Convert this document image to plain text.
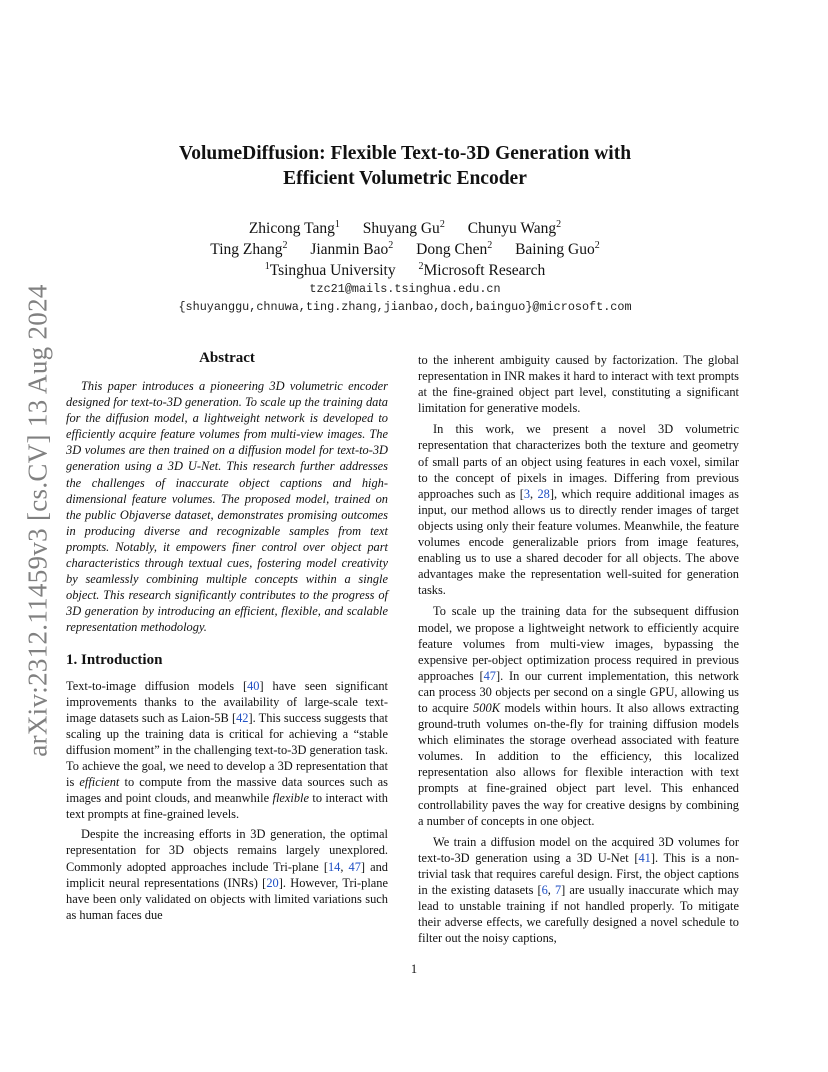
arXiv:2312.11459v3 [cs.CV] 13 Aug 2024
VolumeDiffusion: Flexible Text-to-3D Generation with
Efficient Volumetric Encoder
Zhicong Tang$^1$ Shuyang Gu$^2$ Chunyu Wang$^2$
Ting Zhang$^2$ Jianmin Bao$^2$ Dong Chen$^2$ Baining Guo$^2$
$^1$Tsinghua University $^2$Microsoft Research
tzc21@mails.tsinghua.edu.cn
{shuyanggu,chnuwa,ting.zhang,jianbao,doch,bainguo}@microsoft.com
Abstract

This paper introduces a pioneering 3D volumetric encoder designed for text-to-3D generation. To scale up the training data for the diffusion model, a lightweight network is developed to efficiently acquire feature volumes from multi-view images. The 3D volumes are then trained on a diffusion model for text-to-3D generation using a 3D U-Net. This research further addresses the challenges of inaccurate object captions and high-dimensional feature volumes. The proposed model, trained on the public Objaverse dataset, demonstrates promising outcomes in producing diverse and recognizable samples from text prompts. Notably, it empowers finer control over object part characteristics through textual cues, fostering model creativity by seamlessly combining multiple concepts within a single object. This research significantly contributes to the progress of 3D generation by introducing an efficient, flexible, and scalable representation methodology.

1. Introduction

Text-to-image diffusion models [40] have seen significant improvements thanks to the availability of large-scale text-image datasets such as Laion-5B [42]. This success suggests that scaling up the training data is critical for achieving a “stable diffusion moment” in the challenging text-to-3D generation task. To achieve the goal, we need to develop a 3D representation that is efficient to compute from the massive data sources such as images and point clouds, and meanwhile flexible to interact with text prompts at fine-grained levels.

Despite the increasing efforts in 3D generation, the optimal representation for 3D objects remains largely unexplored. Commonly adopted approaches include Tri-plane [14, 47] and implicit neural representations (INRs) [20]. However, Tri-plane have been only validated on objects with limited variations such as human faces due

to the inherent ambiguity caused by factorization. The global representation in INR makes it hard to interact with text prompts at the fine-grained object part level, constituting a significant limitation for generative models.

In this work, we present a novel 3D volumetric representation that characterizes both the texture and geometry of small parts of an object using features in each voxel, similar to the concept of pixels in images. Differing from previous approaches such as [3, 28], which require additional images as input, our method allows us to directly render images of target objects using only their feature volumes. Meanwhile, the feature volumes encode generalizable priors from image features, enabling us to use a shared decoder for all objects. The above advantages make the representation well-suited for generation tasks.

To scale up the training data for the subsequent diffusion model, we propose a lightweight network to efficiently acquire feature volumes from multi-view images, bypassing the expensive per-object optimization process required in previous approaches [47]. In our current implementation, this network can process 30 objects per second on a single GPU, allowing us to acquire 500K models within hours. It also allows extracting ground-truth volumes on-the-fly for training diffusion models which eliminates the storage overhead associated with feature volumes. In addition to the efficiency, this localized representation also allows for flexible interaction with text prompts at fine-grained object part level. This enhanced controllability paves the way for creative designs by combining a number of concepts in one object.

We train a diffusion model on the acquired 3D volumes for text-to-3D generation using a 3D U-Net [41]. This is a non-trivial task that requires careful design. First, the object captions in the existing datasets [6, 7] are usually inaccurate which may lead to unstable training if not handled properly. To mitigate their adverse effects, we carefully designed a novel schedule to filter out the noisy captions,

1
